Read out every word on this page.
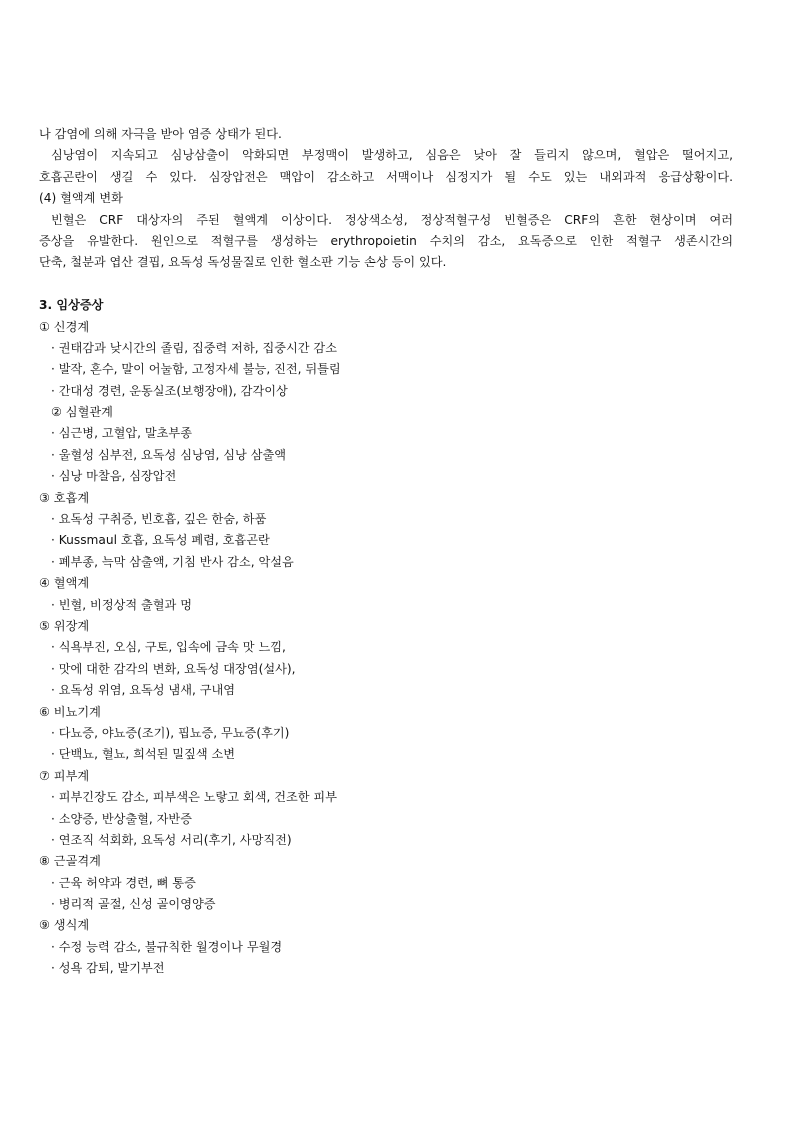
나 감염에 의해 자극을 받아 염증 상태가 된다.
심낭염이 지속되고 심낭삼출이 악화되면 부정맥이 발생하고, 심음은 낮아 잘 들리지 않으며, 혈압은 떨어지고,
호흡곤란이 생길 수 있다. 심장압전은 맥압이 감소하고 서맥이나 심정지가 될 수도 있는 내외과적 응급상황이다.
(4) 혈액계 변화
빈혈은 CRF 대상자의 주된 혈액계 이상이다. 정상색소성, 정상적혈구성 빈혈증은 CRF의 흔한 현상이며 여러
증상을 유발한다. 원인으로 적혈구를 생성하는 erythropoietin 수치의 감소, 요독증으로 인한 적혈구 생존시간의
단축, 철분과 엽산 결핍, 요독성 독성물질로 인한 혈소판 기능 손상 등이 있다.
3. 임상증상
① 신경계
· 권태감과 낮시간의 졸림, 집중력 저하, 집중시간 감소
· 발작, 혼수, 말이 어눌함, 고정자세 불능, 진전, 뒤틀림
· 간대성 경련, 운동실조(보행장애), 감각이상
② 심혈관계
· 심근병, 고혈압, 말초부종
· 울혈성 심부전, 요독성 심낭염, 심낭 삼출액
· 심낭 마찰음, 심장압전
③ 호흡계
· 요독성 구취증, 빈호흡, 깊은 한숨, 하품
· Kussmaul 호흡, 요독성 폐렴, 호흡곤란
· 폐부종, 늑막 삼출액, 기침 반사 감소, 악설음
④ 혈액계
· 빈혈, 비정상적 출혈과 멍
⑤ 위장계
· 식욕부진, 오심, 구토, 입속에 금속 맛 느낌,
· 맛에 대한 감각의 변화, 요독성 대장염(설사),
· 요독성 위염, 요독성 냄새, 구내염
⑥ 비뇨기계
· 다뇨증, 야뇨증(조기), 핍뇨증, 무뇨증(후기)
· 단백뇨, 혈뇨, 희석된 밀짚색 소변
⑦ 피부계
· 피부긴장도 감소, 피부색은 노랗고 회색, 건조한 피부
· 소양증, 반상출혈, 자반증
· 연조직 석회화, 요독성 서리(후기, 사망직전)
⑧ 근골격계
· 근육 허약과 경련, 뼈 통증
· 병리적 골절, 신성 골이영양증
⑨ 생식계
· 수정 능력 감소, 불규칙한 월경이나 무월경
· 성욕 감퇴, 발기부전
